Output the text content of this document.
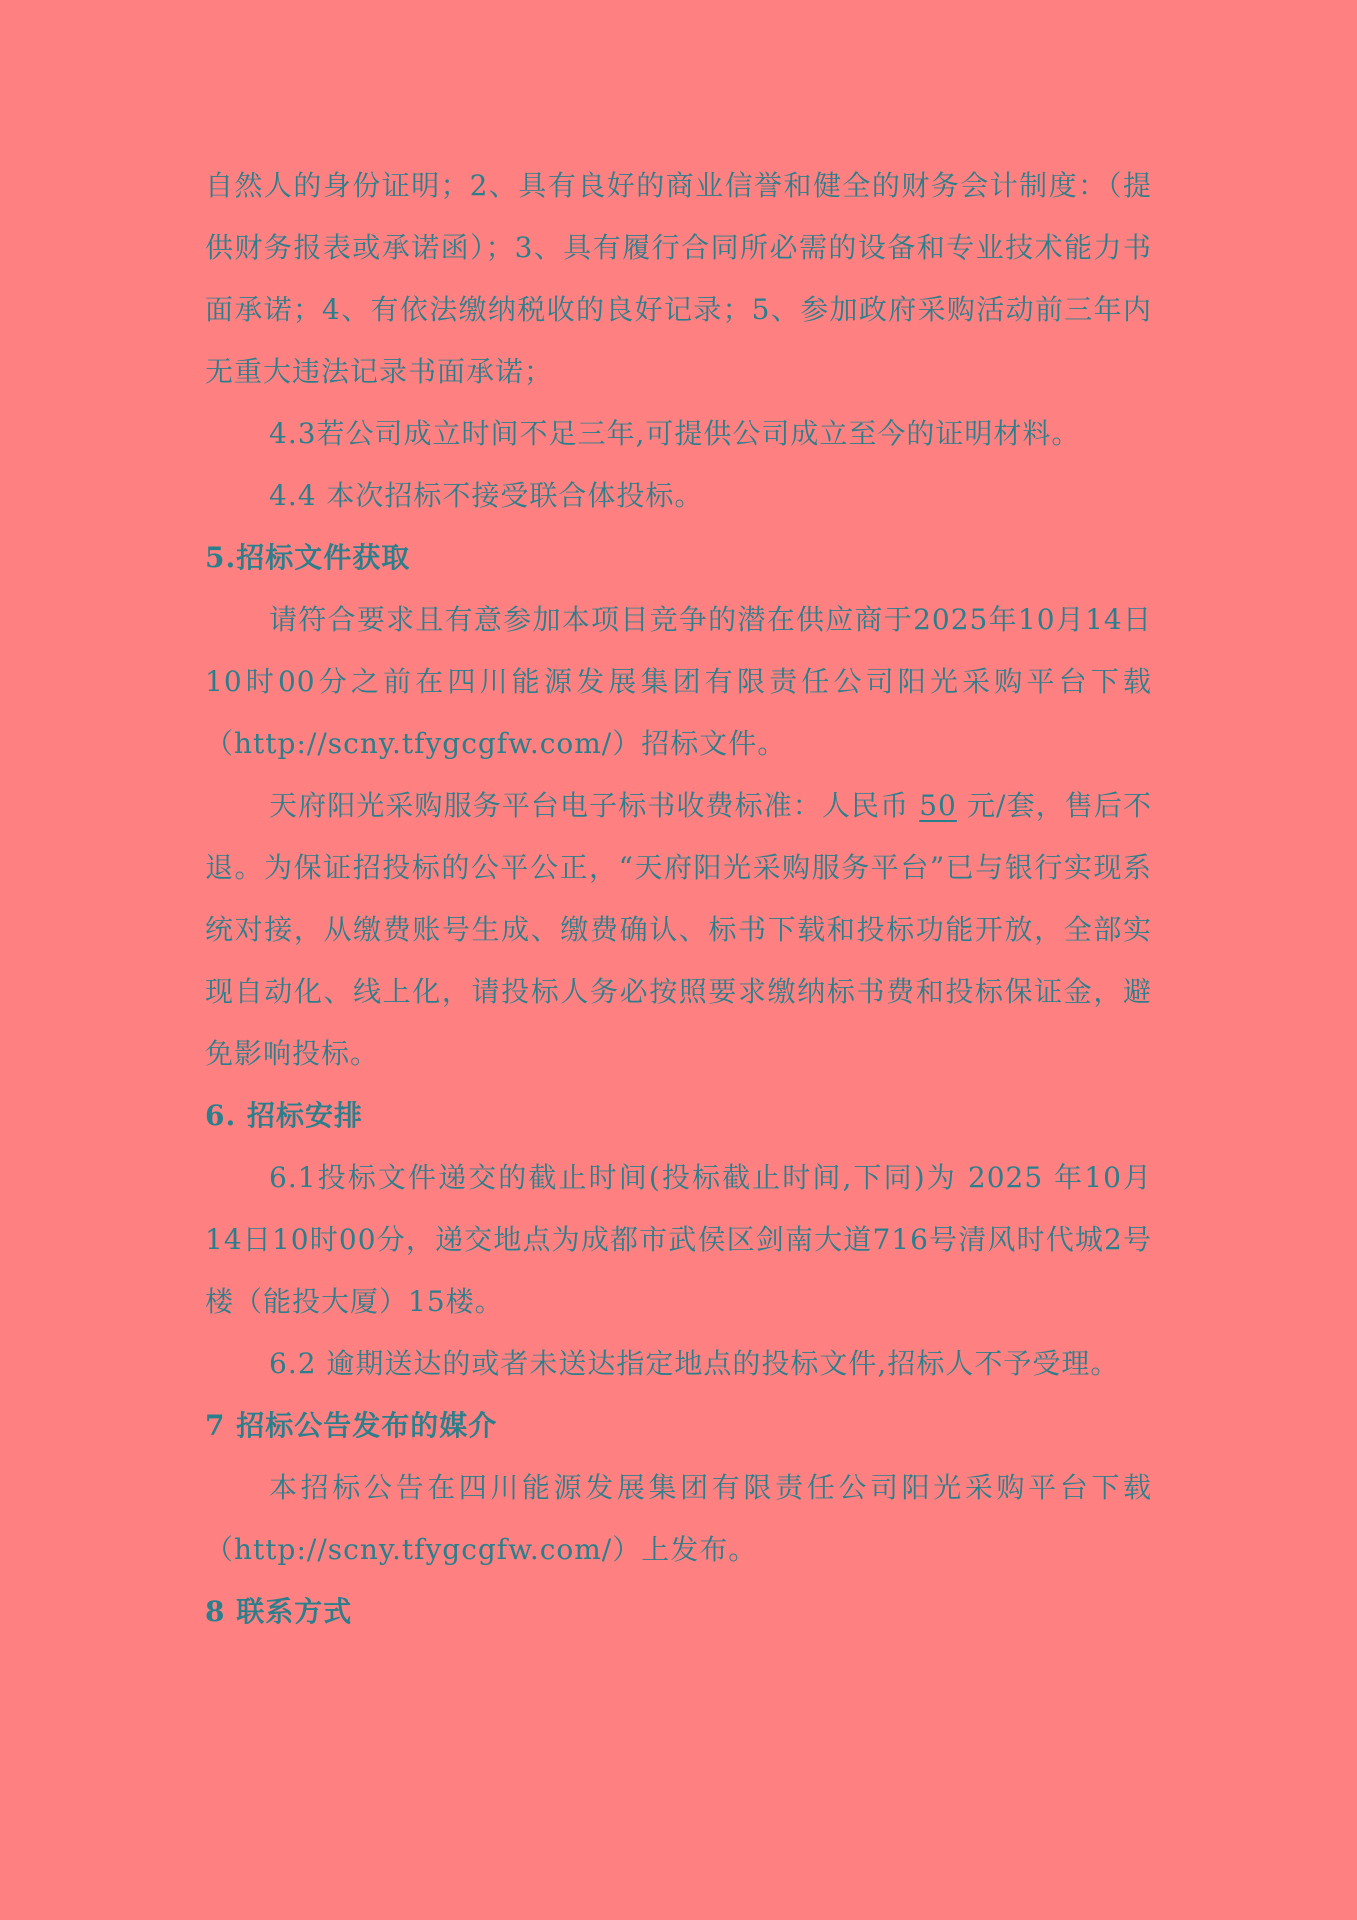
自然人的身份证明；2、具有良好的商业信誉和健全的财务会计制度：（提供财务报表或承诺函）；3、具有履行合同所必需的设备和专业技术能力书面承诺；4、有依法缴纳税收的良好记录；5、参加政府采购活动前三年内无重大违法记录书面承诺；

4.3若公司成立时间不足三年,可提供公司成立至今的证明材料。

4.4 本次招标不接受联合体投标。

5.招标文件获取

请符合要求且有意参加本项目竞争的潜在供应商于2025年10月14日10时00分之前在四川能源发展集团有限责任公司阳光采购平台下载（http://scny.tfygcgfw.com/）招标文件。

天府阳光采购服务平台电子标书收费标准：人民币 50 元/套，售后不退。为保证招投标的公平公正，“天府阳光采购服务平台”已与银行实现系统对接，从缴费账号生成、缴费确认、标书下载和投标功能开放，全部实现自动化、线上化，请投标人务必按照要求缴纳标书费和投标保证金，避免影响投标。

6. 招标安排

6.1投标文件递交的截止时间(投标截止时间,下同)为 2025 年10月14日10时00分，递交地点为成都市武侯区剑南大道716号清风时代城2号楼（能投大厦）15楼。

6.2 逾期送达的或者未送达指定地点的投标文件,招标人不予受理。

7 招标公告发布的媒介

本招标公告在四川能源发展集团有限责任公司阳光采购平台下载（http://scny.tfygcgfw.com/）上发布。

8 联系方式
